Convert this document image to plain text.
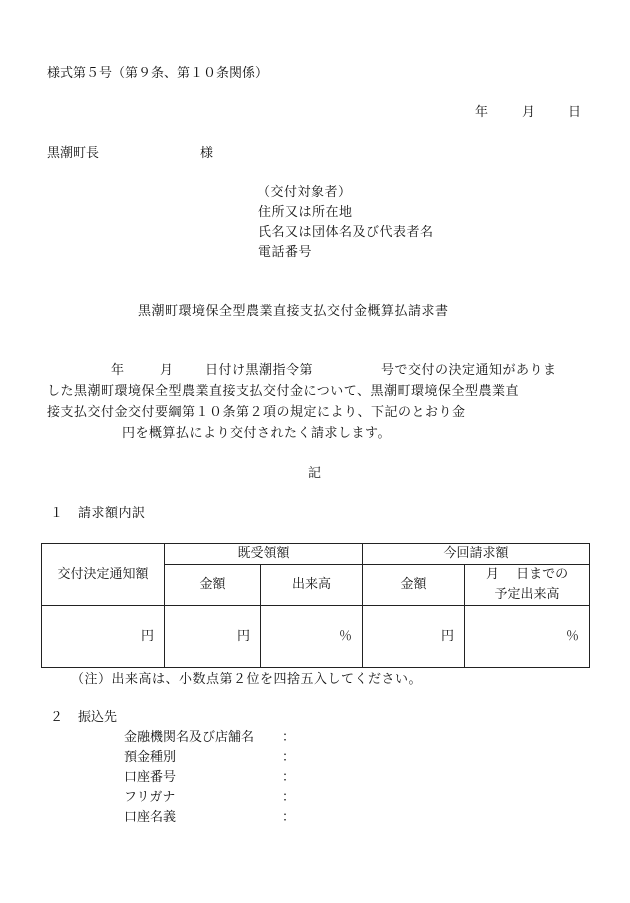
様式第５号（第９条、第１０条関係）
年	月	日
黒潮町長	様
（交付対象者）
住所又は所在地
氏名又は団体名及び代表者名
電話番号
黒潮町環境保全型農業直接支払交付金概算払請求書
年	月 日付け黒潮指令第	号で交付の決定通知がありま
した黒潮町環境保全型農業直接支払交付金について、黒潮町環境保全型農業直
接支払交付金交付要綱第１０条第２項の規定により、下記のとおり金
円を概算払により交付されたく請求します。
記
１ 請求額内訳
交付決定通知額	既受領額		今回請求額	
	金額	出来高	金額	月　 日までの
予定出来高

円	円	％	円	％
（注）出来高は、小数点第２位を四捨五入してください。
２ 振込先
金融機関名及び店舗名 ：
預金種別	：
口座番号	：
フリガナ	：
口座名義	：
